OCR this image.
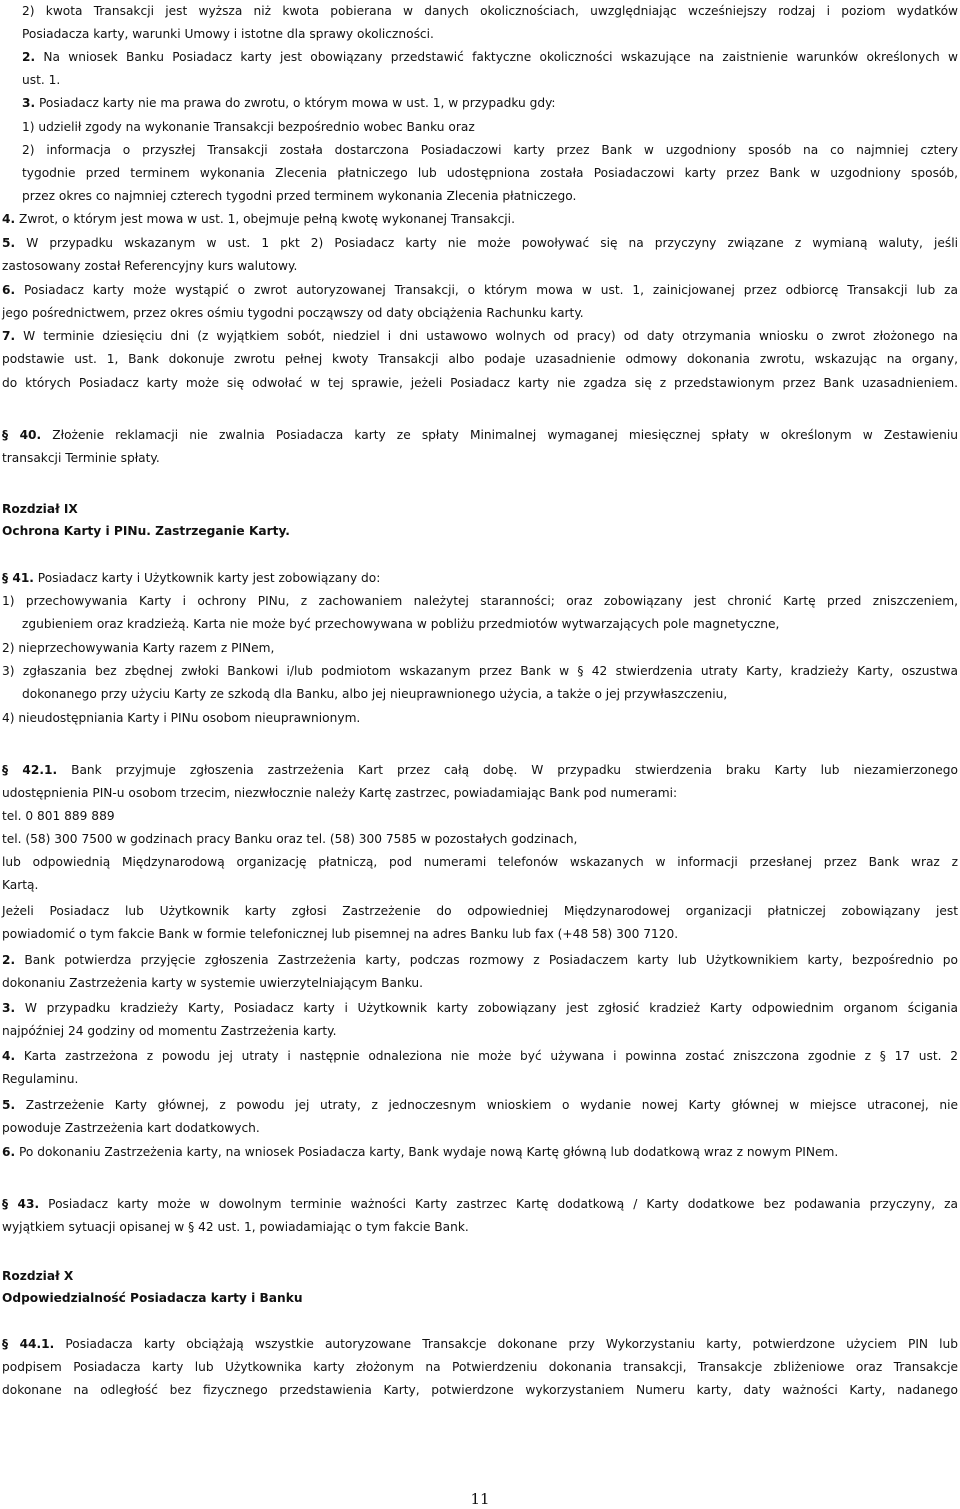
2) kwota Transakcji jest wyższa niż kwota pobierana w danych okolicznościach, uwzględniając wcześniejszy rodzaj i poziom wydatków
Posiadacza karty, warunki Umowy i istotne dla sprawy okoliczności.
2. Na wniosek Banku Posiadacz karty jest obowiązany przedstawić faktyczne okoliczności wskazujące na zaistnienie warunków określonych w
ust. 1.
3. Posiadacz karty nie ma prawa do zwrotu, o którym mowa w ust. 1, w przypadku gdy:
1) udzielił zgody na wykonanie Transakcji bezpośrednio wobec Banku oraz
2) informacja o przyszłej Transakcji została dostarczona Posiadaczowi karty przez Bank w uzgodniony sposób na co najmniej cztery
tygodnie przed terminem wykonania Zlecenia płatniczego lub udostępniona została Posiadaczowi karty przez Bank w uzgodniony sposób,
przez okres co najmniej czterech tygodni przed terminem wykonania Zlecenia płatniczego.
4. Zwrot, o którym jest mowa w ust. 1, obejmuje pełną kwotę wykonanej Transakcji.
5. W przypadku wskazanym w ust. 1 pkt 2) Posiadacz karty nie może powoływać się na przyczyny związane z wymianą waluty, jeśli
zastosowany został Referencyjny kurs walutowy.
6. Posiadacz karty może wystąpić o zwrot autoryzowanej Transakcji, o którym mowa w ust. 1, zainicjowanej przez odbiorcę Transakcji lub za
jego pośrednictwem, przez okres ośmiu tygodni począwszy od daty obciążenia Rachunku karty.
7. W terminie dziesięciu dni (z wyjątkiem sobót, niedziel i dni ustawowo wolnych od pracy) od daty otrzymania wniosku o zwrot złożonego na
podstawie ust. 1, Bank dokonuje zwrotu pełnej kwoty Transakcji albo podaje uzasadnienie odmowy dokonania zwrotu, wskazując na organy,
do których Posiadacz karty może się odwołać w tej sprawie, jeżeli Posiadacz karty nie zgadza się z przedstawionym przez Bank uzasadnieniem.
§ 40. Złożenie reklamacji nie zwalnia Posiadacza karty ze spłaty Minimalnej wymaganej miesięcznej spłaty w określonym w Zestawieniu
transakcji Terminie spłaty.
Rozdział IX
Ochrona Karty i PINu. Zastrzeganie Karty.
§ 41. Posiadacz karty i Użytkownik karty jest zobowiązany do:
1) przechowywania Karty i ochrony PINu, z zachowaniem należytej staranności; oraz zobowiązany jest chronić Kartę przed zniszczeniem,
zgubieniem oraz kradzieżą. Karta nie może być przechowywana w pobliżu przedmiotów wytwarzających pole magnetyczne,
2) nieprzechowywania Karty razem z PINem,
3) zgłaszania bez zbędnej zwłoki Bankowi i/lub podmiotom wskazanym przez Bank w § 42 stwierdzenia utraty Karty, kradzieży Karty, oszustwa
dokonanego przy użyciu Karty ze szkodą dla Banku, albo jej nieuprawnionego użycia, a także o jej przywłaszczeniu,
4) nieudostępniania Karty i PINu osobom nieuprawnionym.
§ 42.1. Bank przyjmuje zgłoszenia zastrzeżenia Kart przez całą dobę. W przypadku stwierdzenia braku Karty lub niezamierzonego
udostępnienia PIN-u osobom trzecim, niezwłocznie należy Kartę zastrzec, powiadamiając Bank pod numerami:
tel. 0 801 889 889
tel. (58) 300 7500 w godzinach pracy Banku oraz tel. (58) 300 7585 w pozostałych godzinach,
lub odpowiednią Międzynarodową organizację płatniczą, pod numerami telefonów wskazanych w informacji przesłanej przez Bank wraz z
Kartą.
Jeżeli Posiadacz lub Użytkownik karty zgłosi Zastrzeżenie do odpowiedniej Międzynarodowej organizacji płatniczej zobowiązany jest
powiadomić o tym fakcie Bank w formie telefonicznej lub pisemnej na adres Banku lub fax (+48 58) 300 7120.
2. Bank potwierdza przyjęcie zgłoszenia Zastrzeżenia karty, podczas rozmowy z Posiadaczem karty lub Użytkownikiem karty, bezpośrednio po
dokonaniu Zastrzeżenia karty w systemie uwierzytelniającym Banku.
3. W przypadku kradzieży Karty, Posiadacz karty i Użytkownik karty zobowiązany jest zgłosić kradzież Karty odpowiednim organom ścigania
najpóźniej 24 godziny od momentu Zastrzeżenia karty.
4. Karta zastrzeżona z powodu jej utraty i następnie odnaleziona nie może być używana i powinna zostać zniszczona zgodnie z § 17 ust. 2
Regulaminu.
5. Zastrzeżenie Karty głównej, z powodu jej utraty, z jednoczesnym wnioskiem o wydanie nowej Karty głównej w miejsce utraconej, nie
powoduje Zastrzeżenia kart dodatkowych.
6. Po dokonaniu Zastrzeżenia karty, na wniosek Posiadacza karty, Bank wydaje nową Kartę główną lub dodatkową wraz z nowym PINem.
§ 43. Posiadacz karty może w dowolnym terminie ważności Karty zastrzec Kartę dodatkową / Karty dodatkowe bez podawania przyczyny, za
wyjątkiem sytuacji opisanej w § 42 ust. 1, powiadamiając o tym fakcie Bank.
Rozdział X
Odpowiedzialność Posiadacza karty i Banku
§ 44.1. Posiadacza karty obciążają wszystkie autoryzowane Transakcje dokonane przy Wykorzystaniu karty, potwierdzone użyciem PIN lub
podpisem Posiadacza karty lub Użytkownika karty złożonym na Potwierdzeniu dokonania transakcji, Transakcje zbliżeniowe oraz Transakcje
dokonane na odległość bez fizycznego przedstawienia Karty, potwierdzone wykorzystaniem Numeru karty, daty ważności Karty, nadanego
11
